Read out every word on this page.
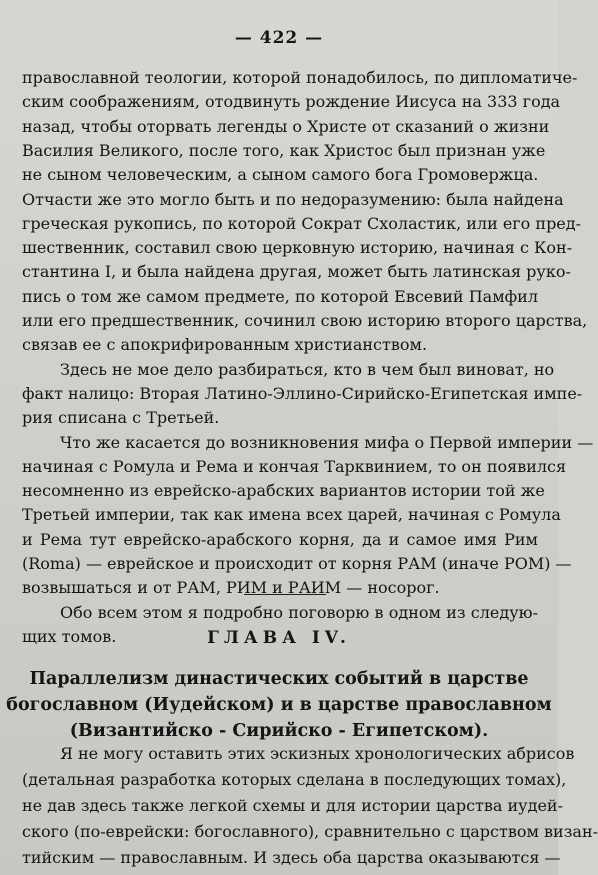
— 422 —
православной теологии, которой понадобилось, по дипломатиче-
ским соображениям, отодвинуть рождение Иисуса на 333 года
назад, чтобы оторвать легенды о Христе от сказаний о жизни
Василия Великого, после того, как Христос был признан уже
не сыном человеческим, а сыном самого бога Громовержца.
Отчасти же это могло быть и по недоразумению: была найдена
греческая рукопись, по которой Сократ Схоластик, или его пред-
шественник, составил свою церковную историю, начиная с Кон-
стантина I, и была найдена другая, может быть латинская руко-
пись о том же самом предмете, по которой Евсевий Памфил
или его предшественник, сочинил свою историю второго царства,
связав ее с апокрифированным христианством.
Здесь не мое дело разбираться, кто в чем был виноват, но
факт налицо: Вторая Латино-Эллино-Сирийско-Египетская импе-
рия списана с Третьей.
Что же касается до возникновения мифа о Первой империи —
начиная с Ромула и Рема и кончая Тарквинием, то он появился
несомненно из еврейско-арабских вариантов истории той же
Третьей империи, так как имена всех царей, начиная с Ромула
и Рема тут еврейско-арабского корня, да и самое имя Рим
(Roma) — еврейское и происходит от корня РАМ (иначе РОМ) —
возвышаться и от РАМ, РИМ и РАИМ — носорог.
Обо всем этом я подробно поговорю в одном из следую-
щих томов.	ГЛАВА IV.
Параллелизм династических событий в царстве
богославном (Иудейском) и в царстве православном
(Византийско - Сирийско - Египетском).
Я не могу оставить этих эскизных хронологических абрисов
(детальная разработка которых сделана в последующих томах),
не дав здесь также легкой схемы и для истории царства иудей-
ского (по-еврейски: богославного), сравнительно с царством визан-
тийским — православным. И здесь оба царства оказываются —
